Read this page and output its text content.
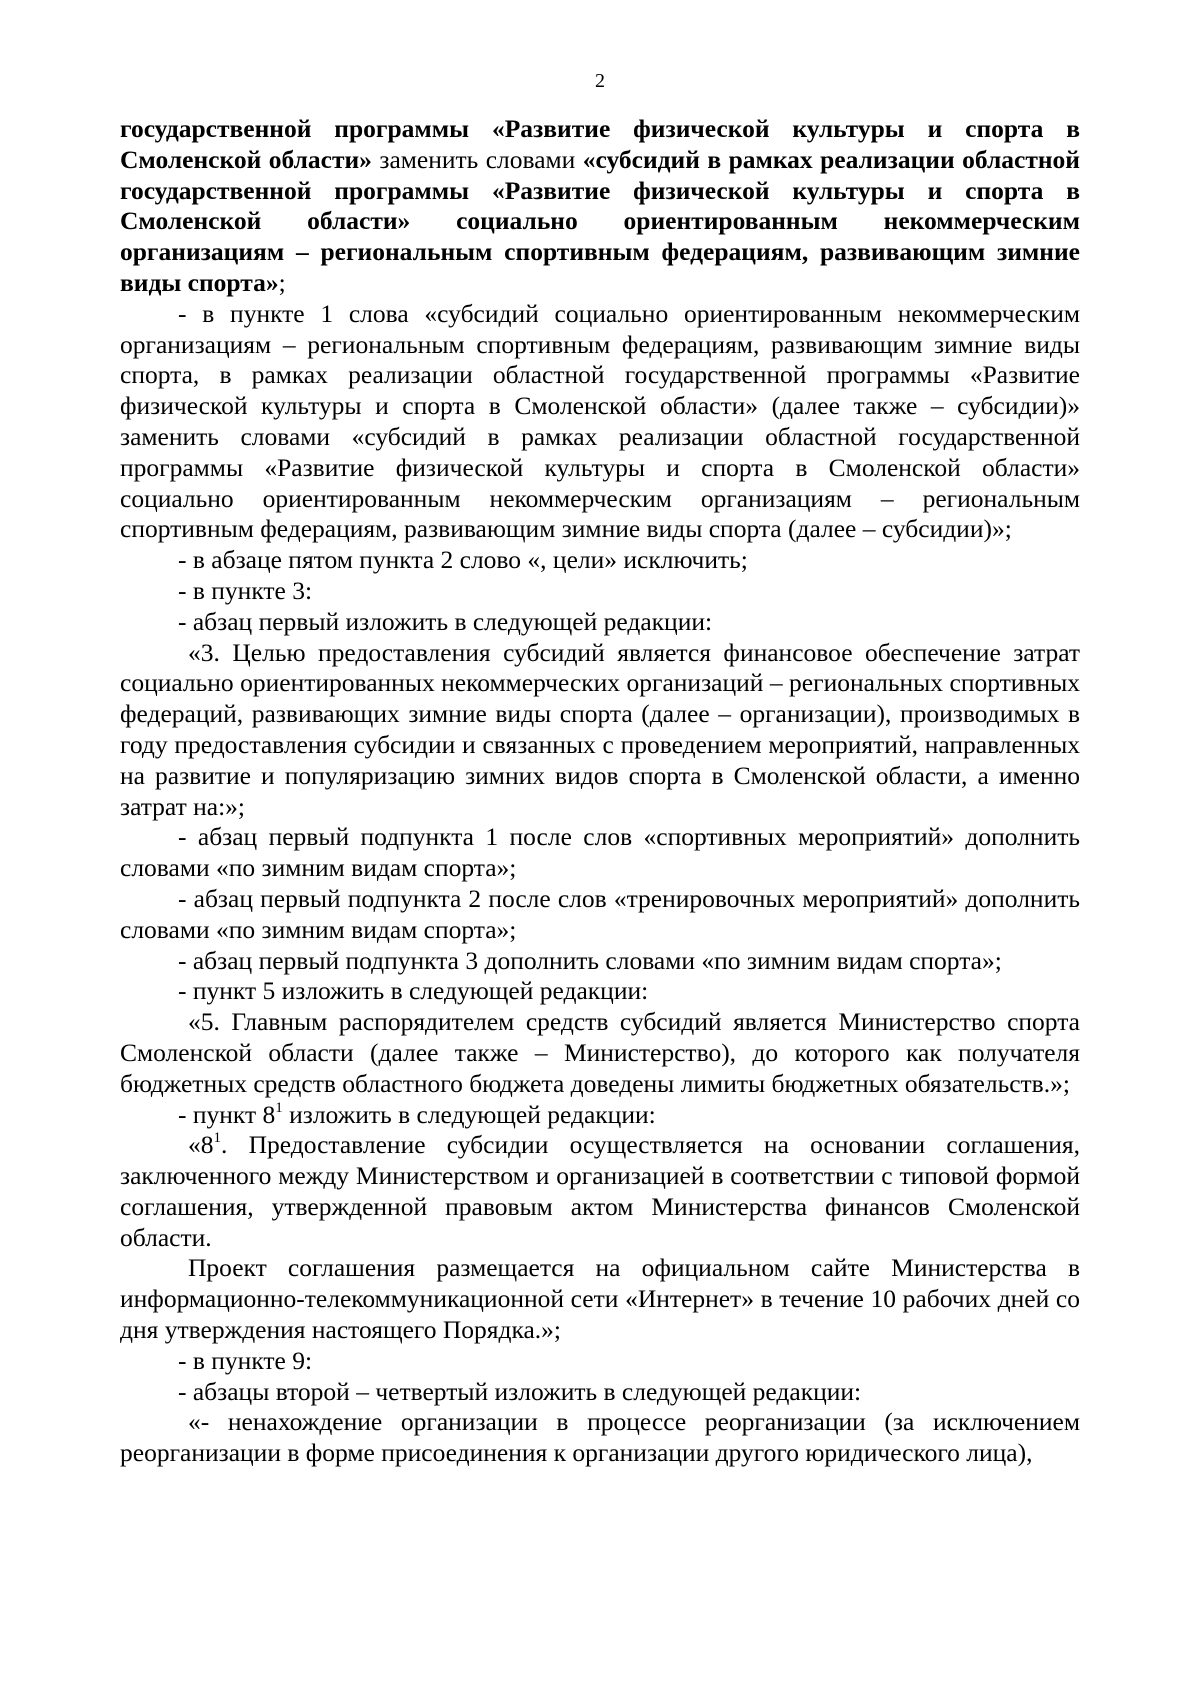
2

государственной программы «Развитие физической культуры и спорта в Смоленской области» заменить словами «субсидий в рамках реализации областной государственной программы «Развитие физической культуры и спорта в Смоленской области» социально ориентированным некоммерческим организациям – региональным спортивным федерациям, развивающим зимние виды спорта»;

- в пункте 1 слова «субсидий социально ориентированным некоммерческим организациям – региональным спортивным федерациям, развивающим зимние виды спорта, в рамках реализации областной государственной программы «Развитие физической культуры и спорта в Смоленской области» (далее также – субсидии)» заменить словами «субсидий в рамках реализации областной государственной программы «Развитие физической культуры и спорта в Смоленской области» социально ориентированным некоммерческим организациям – региональным спортивным федерациям, развивающим зимние виды спорта (далее – субсидии)»;

- в абзаце пятом пункта 2 слово «, цели» исключить;

- в пункте 3:

- абзац первый изложить в следующей редакции:

«3. Целью предоставления субсидий является финансовое обеспечение затрат социально ориентированных некоммерческих организаций – региональных спортивных федераций, развивающих зимние виды спорта (далее – организации), производимых в году предоставления субсидии и связанных с проведением мероприятий, направленных на развитие и популяризацию зимних видов спорта в Смоленской области, а именно затрат на:»;

- абзац первый подпункта 1 после слов «спортивных мероприятий» дополнить словами «по зимним видам спорта»;

- абзац первый подпункта 2 после слов «тренировочных мероприятий» дополнить словами «по зимним видам спорта»;

- абзац первый подпункта 3 дополнить словами «по зимним видам спорта»;

- пункт 5 изложить в следующей редакции:

«5. Главным распорядителем средств субсидий является Министерство спорта Смоленской области (далее также – Министерство), до которого как получателя бюджетных средств областного бюджета доведены лимиты бюджетных обязательств.»;

- пункт $8^1$ изложить в следующей редакции:

«$8^1$. Предоставление субсидии осуществляется на основании соглашения, заключенного между Министерством и организацией в соответствии с типовой формой соглашения, утвержденной правовым актом Министерства финансов Смоленской области.

Проект соглашения размещается на официальном сайте Министерства в информационно-телекоммуникационной сети «Интернет» в течение 10 рабочих дней со дня утверждения настоящего Порядка.»;

- в пункте 9:

- абзацы второй – четвертый изложить в следующей редакции:

«- ненахождение организации в процессе реорганизации (за исключением реорганизации в форме присоединения к организации другого юридического лица),
